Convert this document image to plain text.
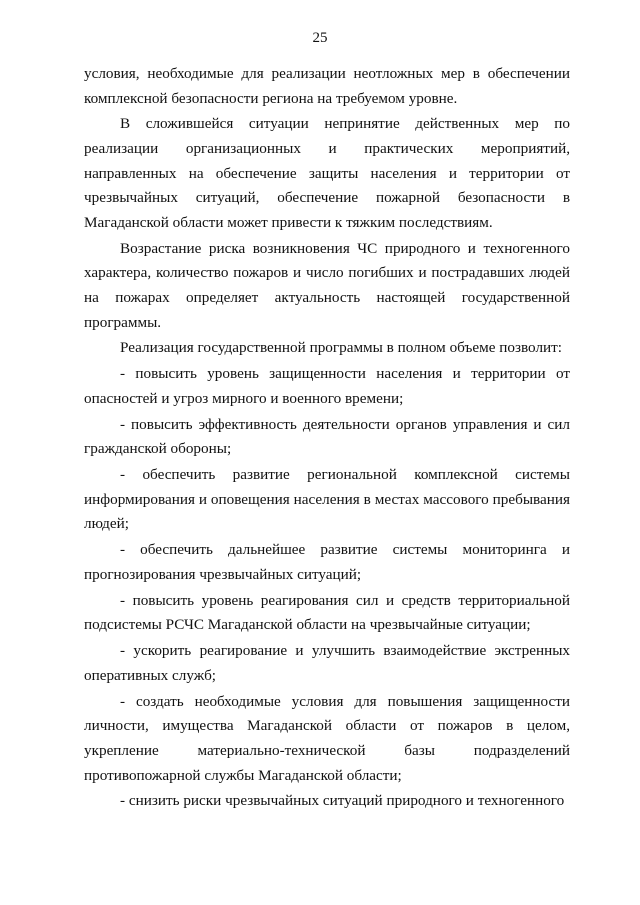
25

условия, необходимые для реализации неотложных мер в обеспечении комплексной безопасности региона на требуемом уровне.

В сложившейся ситуации непринятие действенных мер по реализации организационных и практических мероприятий, направленных на обеспечение защиты населения и территории от чрезвычайных ситуаций, обеспечение пожарной безопасности в Магаданской области может привести к тяжким последствиям.

Возрастание риска возникновения ЧС природного и техногенного характера, количество пожаров и число погибших и пострадавших людей на пожарах определяет актуальность настоящей государственной программы.

Реализация государственной программы в полном объеме позволит:

- повысить уровень защищенности населения и территории от опасностей и угроз мирного и военного времени;

- повысить эффективность деятельности органов управления и сил гражданской обороны;

- обеспечить развитие региональной комплексной системы информирования и оповещения населения в местах массового пребывания людей;

- обеспечить дальнейшее развитие системы мониторинга и прогнозирования чрезвычайных ситуаций;

- повысить уровень реагирования сил и средств территориальной подсистемы РСЧС Магаданской области на чрезвычайные ситуации;

- ускорить реагирование и улучшить взаимодействие экстренных оперативных служб;

- создать необходимые условия для повышения защищенности личности, имущества Магаданской области от пожаров в целом, укрепление материально-технической базы подразделений противопожарной службы Магаданской области;

- снизить риски чрезвычайных ситуаций природного и техногенного
